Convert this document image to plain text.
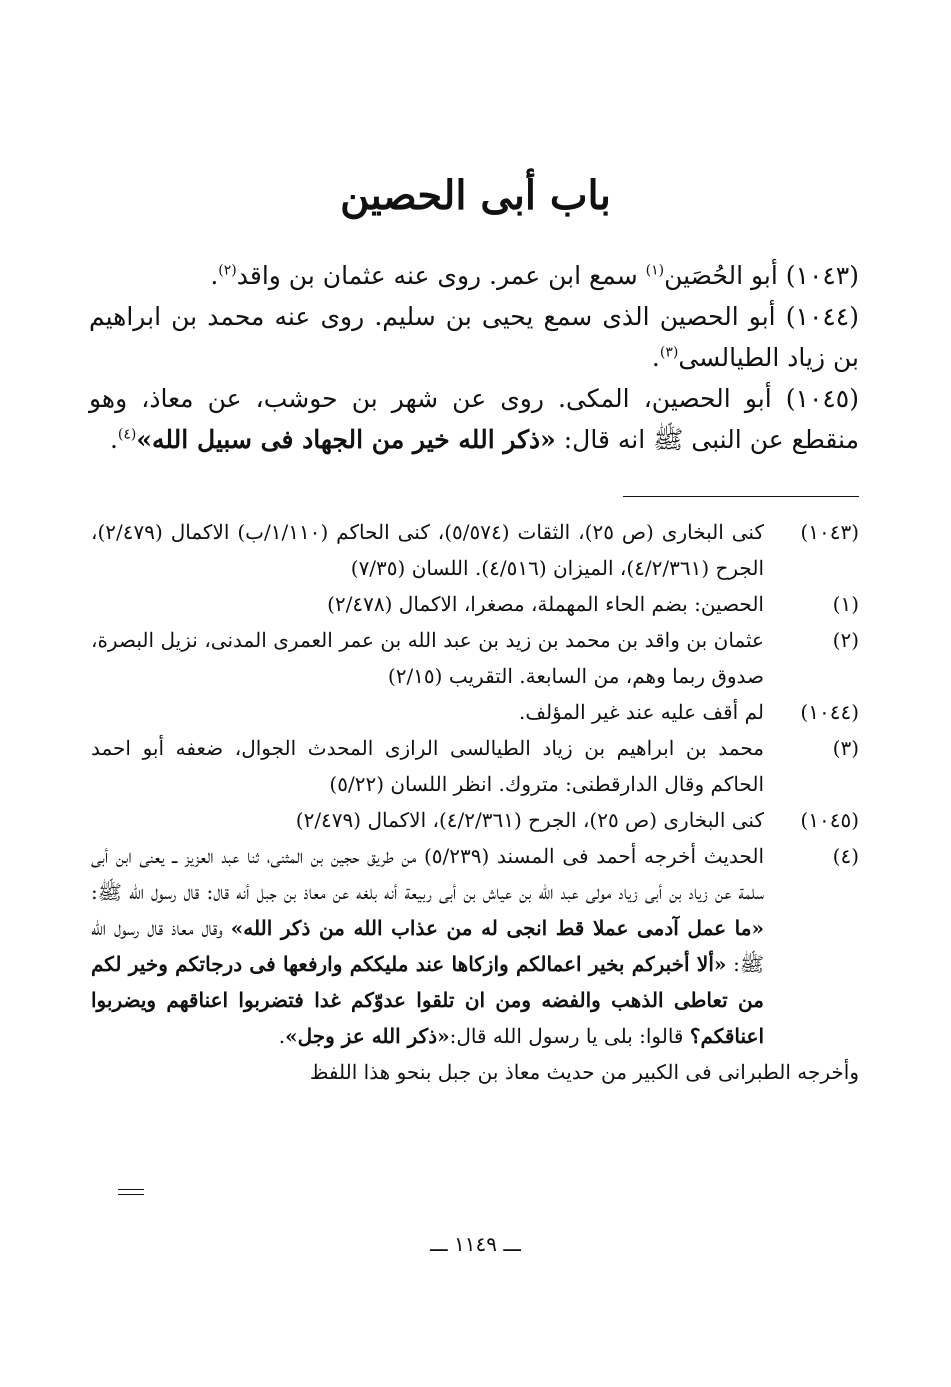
باب أبى الحصين

(١٠٤٣) أبو الحُصَين$^{(١)}$ سمع ابن عمر. روى عنه عثمان بن واقد$^{(٢)}$.

(١٠٤٤) أبو الحصين الذى سمع يحيى بن سليم. روى عنه محمد بن ابراهيم بن زياد الطيالسى$^{(٣)}$.

(١٠٤٥) أبو الحصين، المكى. روى عن شهر بن حوشب، عن معاذ، وهو منقطع عن النبى ﷺ انه قال: «ذكر الله خير من الجهاد فى سبيل الله»$^{(٤)}$.

(١٠٤٣)
كنى البخارى (ص ٢٥)، الثقات (٥/٥٧٤)، كنى الحاكم (١/١١٠/ب) الاكمال (٢/٤٧٩)، الجرح (٤/٢/٣٦١)، الميزان (٤/٥١٦). اللسان (٧/٣٥)
(١)
الحصين: بضم الحاء المهملة، مصغرا، الاكمال (٢/٤٧٨)
(٢)
عثمان بن واقد بن محمد بن زيد بن عبد الله بن عمر العمرى المدنى، نزيل البصرة، صدوق ربما وهم، من السابعة. التقريب (٢/١٥)
(١٠٤٤)
لم أقف عليه عند غير المؤلف.
(٣)
محمد بن ابراهيم بن زياد الطيالسى الرازى المحدث الجوال، ضعفه أبو احمد الحاكم وقال الدارقطنى: متروك. انظر اللسان (٥/٢٢)
(١٠٤٥)
كنى البخارى (ص ٢٥)، الجرح (٤/٢/٣٦١)، الاكمال (٢/٤٧٩)
(٤)
الحديث أخرجه أحمد فى المسند (٥/٢٣٩) من طريق حجين بن المثنى، ثنا عبد العزيز ــ يعنى ابن أبى سلمة عن زياد بن أبى زياد مولى عبد الله بن عياش بن أبى ربيعة أنه بلغه عن معاذ بن جبل أنه قال: قال رسول الله ﷺ: «ما عمل آدمى عملا قط انجى له من عذاب الله من ذكر الله» وقال معاذ قال رسول الله ﷺ: «ألا أخبركم بخير اعمالكم وازكاها عند مليككم وارفعها فى درجاتكم وخير لكم من تعاطى الذهب والفضه ومن ان تلقوا عدوّكم غدا فتضربوا اعناقهم ويضربوا اعناقكم؟ قالوا: بلى يا رسول الله قال:«ذكر الله عز وجل».

وأخرجه الطبرانى فى الكبير من حديث معاذ بن جبل بنحو هذا اللفظ

ـــ ١١٤٩ ـــ
